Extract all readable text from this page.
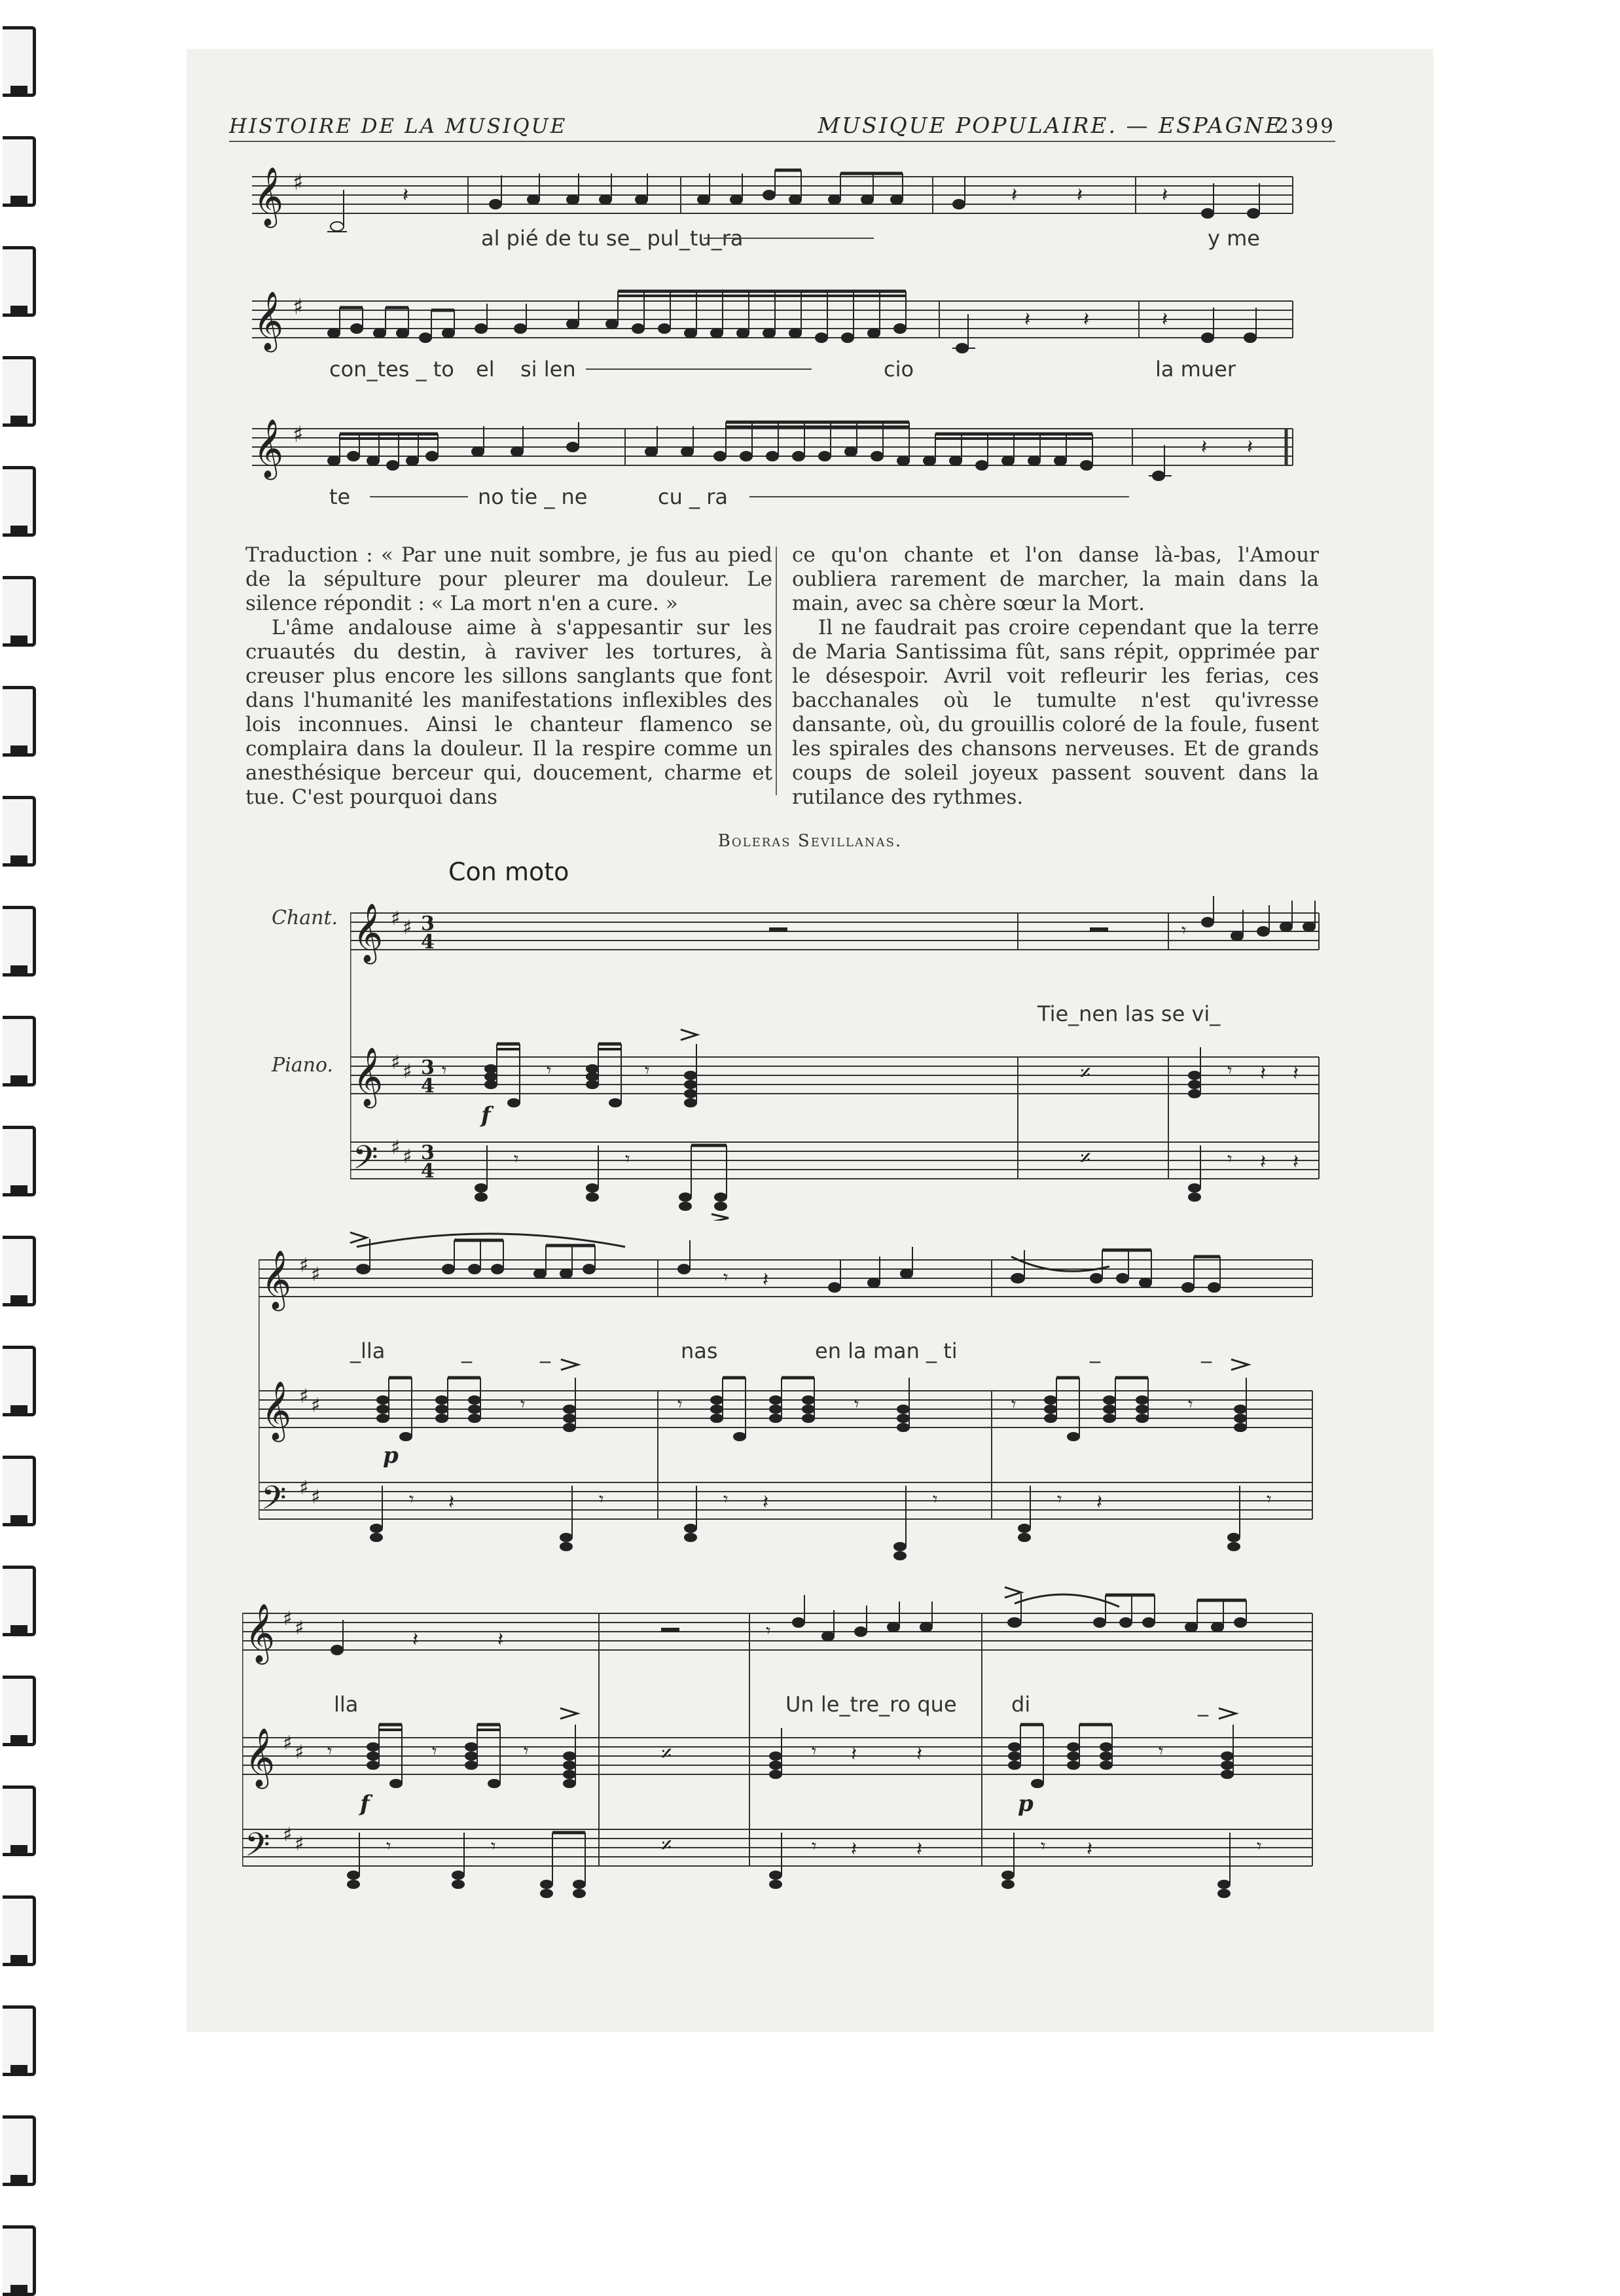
HISTOIRE DE LA MUSIQUE	MUSIQUE POPULAIRE. — ESPAGNE
2399
𝄞 ♯	𝄽	𝄽	𝄽	𝄽
al pié de tu se_ pul_tu_ra	y me
𝄞 ♯	𝄽	𝄽	𝄽
con_tes _ to el si len	cio	la muer
𝄞 ♯	𝄽 𝄽
te	no tie _ ne	cu _ ra

Traduction : « Par une nuit sombre, je fus au pied de la sépulture pour pleurer ma douleur. Le silence répondit : « La mort n'en a cure. »

L'âme andalouse aime à s'appesantir sur les cruautés du destin, à raviver les tortures, à creuser plus encore les sillons sanglants que font dans l'humanité les manifestations inflexibles des lois inconnues. Ainsi le chanteur flamenco se complaira dans la douleur. Il la respire comme un anesthésique berceur qui, doucement, charme et tue. C'est pourquoi dans

ce qu'on chante et l'on danse là-bas, l'Amour oubliera rarement de marcher, la main dans la main, avec sa chère sœur la Mort.

Il ne faudrait pas croire cependant que la terre de Maria Santissima fût, sans répit, opprimée par le désespoir. Avril voit refleurir les ferias, ces bacchanales où le tumulte n'est qu'ivresse dansante, où, du grouillis coloré de la foule, fusent les spirales des chansons nerveuses. Et de grands coups de soleil joyeux passent souvent dans la rutilance des rythmes.

Boleras Sevillanas.
Con moto
Chant.
Piano.
𝄞
𝄞
𝄢
♯ ♯
♯ ♯
♯ ♯
3
4
3
4
3
4
𝄎
𝄎
f
𝄾
𝄾	𝄾	𝄾	𝄾 𝄽 𝄽
𝄾	𝄾	𝄾 𝄽 𝄽
Tie_nen las se vi_
𝄞
𝄞
𝄢
♯ ♯
♯ ♯
♯ ♯
p
𝄾 𝄽
𝄾	𝄾	𝄾	𝄾	𝄾
𝄾 𝄽	𝄾	𝄾 𝄽	𝄾	𝄾 𝄽	𝄾
_lla	_	_	nas	en la man _ ti	_	_
𝄞
𝄞
𝄢
♯ ♯
♯ ♯
♯ ♯
𝄎
𝄎
f	p
𝄽	𝄽	𝄾
𝄾	𝄾	𝄾	𝄾 𝄽	𝄽	𝄾
𝄾	𝄾	𝄾 𝄽	𝄽	𝄾 𝄽	𝄾
lla	Un le_tre_ro que	di	_
